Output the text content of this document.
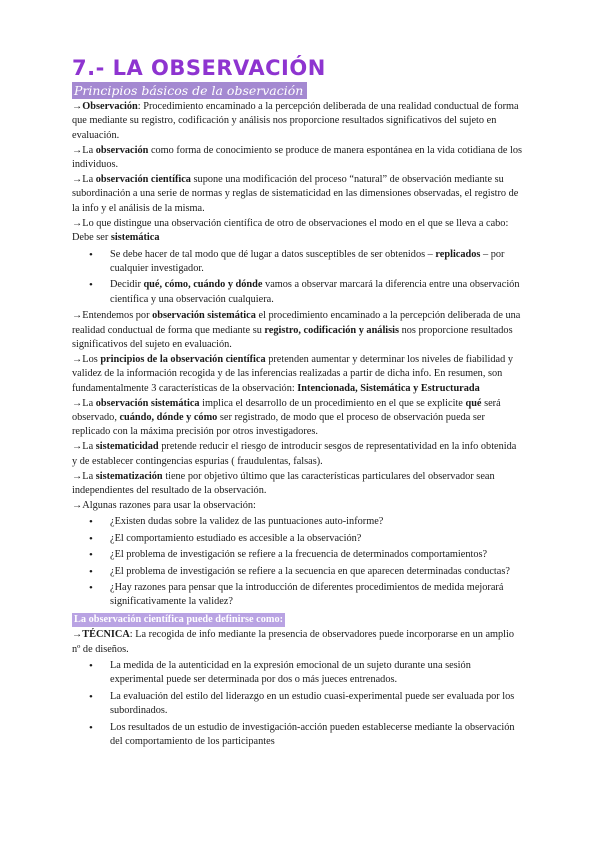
7.- LA OBSERVACIÓN
Principios básicos de la observación

→Observación: Procedimiento encaminado a la percepción deliberada de una realidad conductual de forma que mediante su registro, codificación y análisis nos proporcione resultados significativos del sujeto en evaluación.

→La observación como forma de conocimiento se produce de manera espontánea en la vida cotidiana de los individuos.

→La observación científica supone una modificación del proceso “natural” de observación mediante su subordinación a una serie de normas y reglas de sistematicidad en las dimensiones observadas, el registro de la info y el análisis de la misma.

→Lo que distingue una observación científica de otro de observaciones el modo en el que se lleva a cabo: Debe ser sistemática

• Se debe hacer de tal modo que dé lugar a datos susceptibles de ser obtenidos – replicados – por cualquier investigador.
• Decidir qué, cómo, cuándo y dónde vamos a observar marcará la diferencia entre una observación científica y una observación cualquiera.

→Entendemos por observación sistemática el procedimiento encaminado a la percepción deliberada de una realidad conductual de forma que mediante su registro, codificación y análisis nos proporcione resultados significativos del sujeto en evaluación.

→Los principios de la observación científica pretenden aumentar y determinar los niveles de fiabilidad y validez de la información recogida y de las inferencias realizadas a partir de dicha info. En resumen, son fundamentalmente 3 características de la observación: Intencionada, Sistemática y Estructurada

→La observación sistemática implica el desarrollo de un procedimiento en el que se explicite qué será observado, cuándo, dónde y cómo ser registrado, de modo que el proceso de observación pueda ser replicado con la máxima precisión por otros investigadores.

→La sistematicidad pretende reducir el riesgo de introducir sesgos de representatividad en la info obtenida y de establecer contingencias espurias ( fraudulentas, falsas).

→La sistematización tiene por objetivo último que las características particulares del observador sean independientes del resultado de la observación.

→Algunas razones para usar la observación:

• ¿Existen dudas sobre la validez de las puntuaciones auto-informe?
• ¿El comportamiento estudiado es accesible a la observación?
• ¿El problema de investigación se refiere a la frecuencia de determinados comportamientos?
• ¿El problema de investigación se refiere a la secuencia en que aparecen determinadas conductas?
• ¿Hay razones para pensar que la introducción de diferentes procedimientos de medida mejorará significativamente la validez?
La observación científica puede definirse como:

→TÉCNICA: La recogida de info mediante la presencia de observadores puede incorporarse en un amplio nº de diseños.

• La medida de la autenticidad en la expresión emocional de un sujeto durante una sesión experimental puede ser determinada por dos o más jueces entrenados.
• La evaluación del estilo del liderazgo en un estudio cuasi-experimental puede ser evaluada por los subordinados.
• Los resultados de un estudio de investigación-acción pueden establecerse mediante la observación del comportamiento de los participantes
